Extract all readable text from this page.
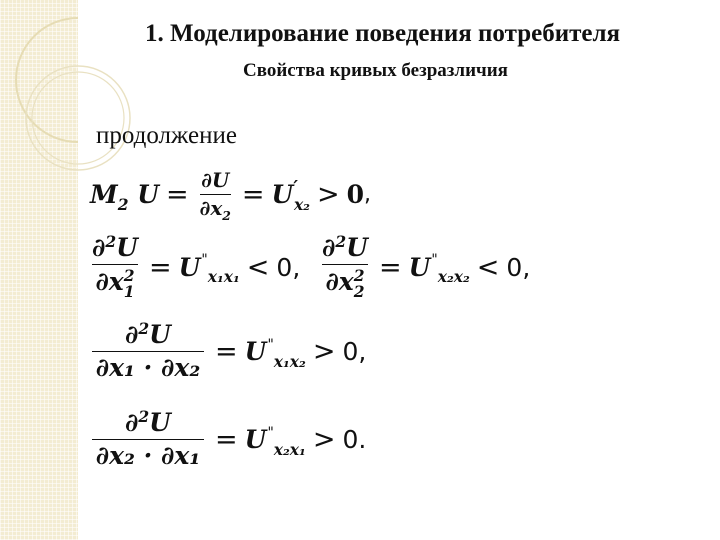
1. Моделирование поведения потребителя
Свойства кривых безразличия
продолжение
$M_2$ $U = \frac{\partial U}{\partial x_2} = U'_{x_2} > 0$ ,
∂$^2$U
∂x 2
$1 = U^"_{x_1x_1} < 0$, ∂$^2$U
∂x 2
$2 = U^"_{x_2x_2} < 0$,
$\frac{\partial^2U}{\text{∂x₁ · ∂x₂}} = U^"_{x_1x_2} > 0$,
$\frac{\partial^2U}{\text{∂x₂ · ∂x₁}} = U^"_{x_2x_1} > 0$.
